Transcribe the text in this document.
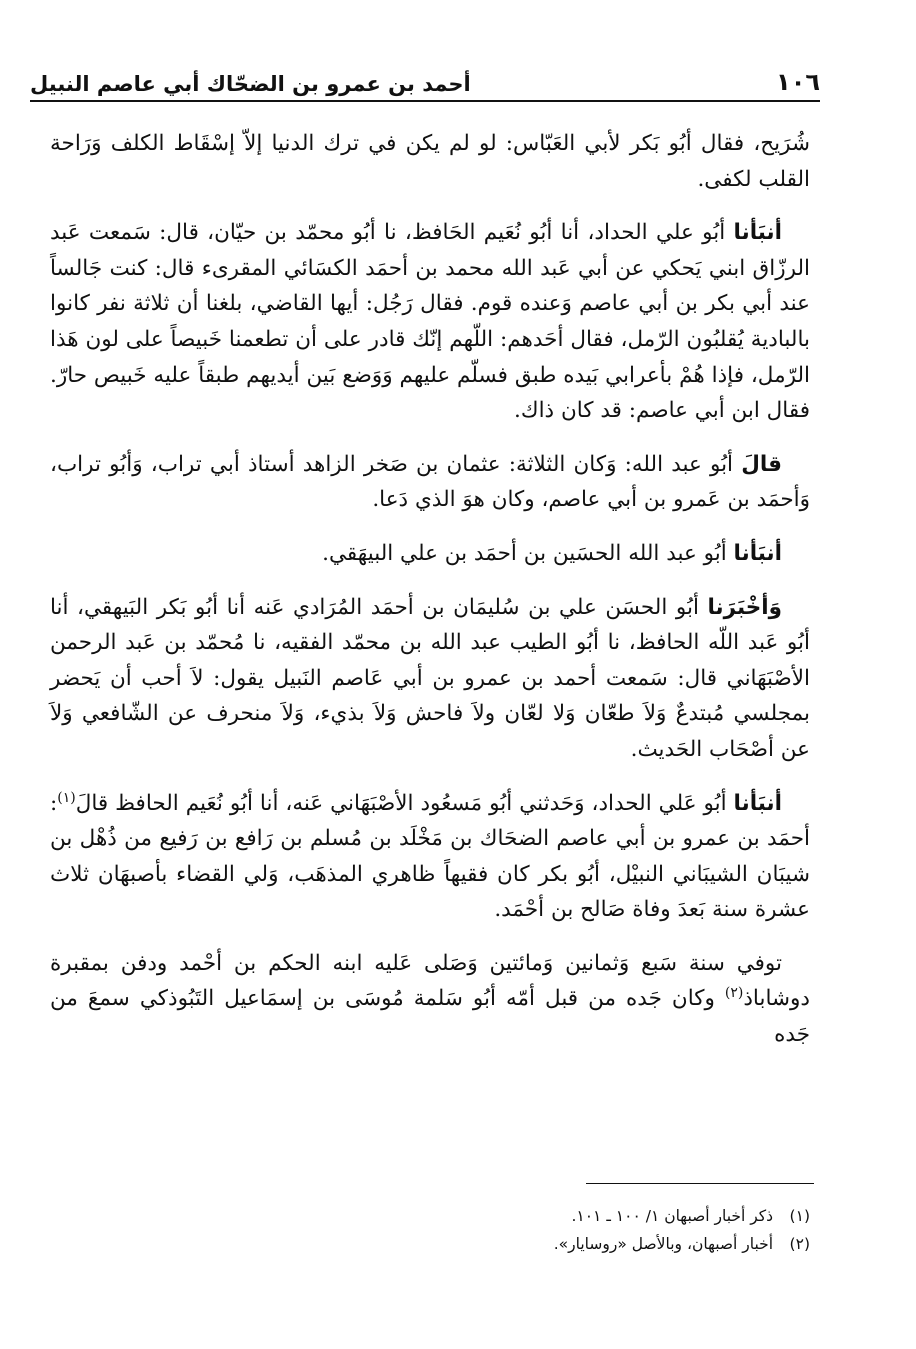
١٠٦
أحمد بن عمرو بن الضحّاك أبي عاصم النبيل

شُرَيح، فقال أبُو بَكر لأبي العَبّاس: لو لم يكن في ترك الدنيا إلاّ إسْقَاط الكلف وَرَاحة القلب لكفى.

أنبَأنا أبُو علي الحداد، أنا أبُو نُعَيم الحَافظ، نا أبُو محمّد بن حيّان، قال: سَمعت عَبد الرزّاق ابني يَحكي عن أبي عَبد الله محمد بن أحمَد الكسَائي المقرىء قال: كنت جَالساً عند أبي بكر بن أبي عاصم وَعنده قوم. فقال رَجُل: أيها القاضي، بلغنا أن ثلاثة نفر كانوا بالبادية يُقلبُون الرّمل، فقال أحَدهم: اللّهم إنّك قادر على أن تطعمنا خَبيصاً على لون هَذا الرّمل، فإذا هُمْ بأعرابي بَيده طبق فسلّم عليهم وَوَضع بَين أيديهم طبقاً عليه خَبيص حارّ. فقال ابن أبي عاصم: قد كان ذاك.

قالَ أبُو عبد الله: وَكان الثلاثة: عثمان بن صَخر الزاهد أستاذ أبي تراب، وَأبُو تراب، وَأحمَد بن عَمرو بن أبي عاصم، وكان هوَ الذي دَعا.

أنبَأنا أبُو عبد الله الحسَين بن أحمَد بن علي البيهَقي.

وَأخْبَرَنا أبُو الحسَن علي بن سُليمَان بن أحمَد المُرَادي عَنه أنا أبُو بَكر البَيهقي، أنا أبُو عَبد اللّه الحافظ، نا أبُو الطيب عبد الله بن محمّد الفقيه، نا مُحمّد بن عَبد الرحمن الأصْبَهَاني قال: سَمعت أحمد بن عمرو بن أبي عَاصم النَبيل يقول: لاَ أحب أن يَحضر بمجلسي مُبتدعٌ وَلاَ طعّان وَلا لعّان ولاَ فاحش وَلاَ بذيء، وَلاَ منحرف عن الشّافعي وَلاَ عن أصْحَاب الحَديث.

أنبَأنا أبُو عَلي الحداد، وَحَدثني أبُو مَسعُود الأصْبَهَاني عَنه، أنا أبُو نُعَيم الحافظ قالَ$^{(١)}$: أحمَد بن عمرو بن أبي عاصم الضحَاك بن مَخْلَد بن مُسلم بن رَافع بن رَفيع من ذُهْل بن شيبَان الشيبَاني النبيْل، أبُو بكر كان فقيهاً ظاهري المذهَب، وَلي القضاء بأصبهَان ثلاث عشرة سنة بَعدَ وفاة صَالح بن أحْمَد.

توفي سنة سَبع وَثمانين وَمائتين وَصَلى عَليه ابنه الحكم بن أحْمد ودفن بمقبرة دوشاباذ$^{(٢)}$ وكان جَده من قبل أمّه أبُو سَلمة مُوسَى بن إسمَاعيل التَبُوذكي سمعَ من جَده

(١) ذكر أخبار أصبهان ١/ ١٠٠ ـ ١٠١.

(٢) أخبار أصبهان، وبالأصل «روسايار».
